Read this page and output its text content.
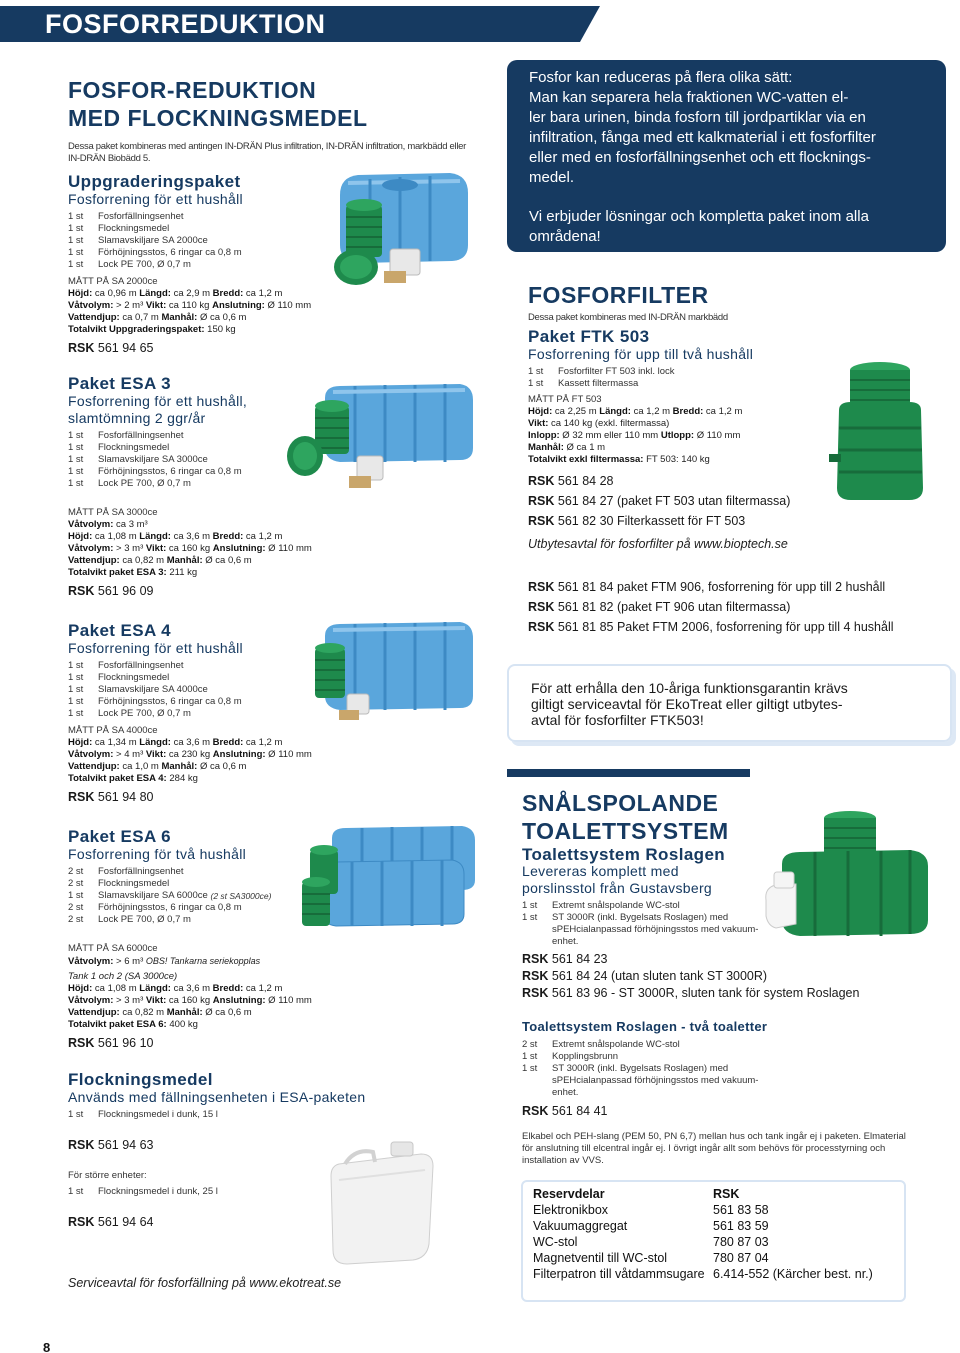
FOSFORREDUKTION
FOSFOR-REDUKTION
MED FLOCKNINGSMEDEL
Dessa paket kombineras med antingen IN-DRÄN Plus infiltration, IN-DRÄN infiltration, markbädd eller IN-DRÄN Biobädd 5.
Uppgraderingspaket
Fosforrening för ett hushåll
1 st	Fosforfällningsenhet
1 st	Flockningsmedel
1 st	Slamavskiljare SA 2000ce
1 st	Förhöjningsstos, 6 ringar ca 0,8 m
1 st	Lock PE 700, Ø 0,7 m
MÅTT PÅ SA 2000ce
Höjd: ca 0,96 m Längd: ca 2,9 m Bredd: ca 1,2 m
Våtvolym: > 2 m³ Vikt: ca 110 kg Anslutning: Ø 110 mm
Vattendjup: ca 0,7 m Manhål: Ø ca 0,6 m
Totalvikt Uppgraderingspaket: 150 kg
RSK 561 94 65
Paket ESA 3
Fosforrening för ett hushåll,
slamtömning 2 ggr/år
1 st	Fosforfällningsenhet
1 st	Flockningsmedel
1 st	Slamavskiljare SA 3000ce
1 st	Förhöjningsstos, 6 ringar ca 0,8 m
1 st	Lock PE 700, Ø 0,7 m
MÅTT PÅ SA 3000ce
Våtvolym: ca 3 m³
Höjd: ca 1,08 m Längd: ca 3,6 m Bredd: ca 1,2 m
Våtvolym: > 3 m³ Vikt: ca 160 kg Anslutning: Ø 110 mm
Vattendjup: ca 0,82 m Manhål: Ø ca 0,6 m
Totalvikt paket ESA 3: 211 kg
RSK 561 96 09
Paket ESA 4
Fosforrening för ett hushåll
1 st	Fosforfällningsenhet
1 st	Flockningsmedel
1 st	Slamavskiljare SA 4000ce
1 st	Förhöjningsstos, 6 ringar ca 0,8 m
1 st	Lock PE 700, Ø 0,7 m
MÅTT PÅ SA 4000ce
Höjd: ca 1,34 m Längd: ca 3,6 m Bredd: ca 1,2 m
Våtvolym: > 4 m³ Vikt: ca 230 kg Anslutning: Ø 110 mm
Vattendjup: ca 1,0 m Manhål: Ø ca 0,6 m
Totalvikt paket ESA 4: 284 kg
RSK 561 94 80
Paket ESA 6
Fosforrening för två hushåll
2 st	Fosforfällningsenhet
2 st	Flockningsmedel
1 st	Slamavskiljare SA 6000ce
(2 st SA3000ce)
2 st	Förhöjningsstos, 6 ringar ca 0,8 m
2 st	Lock PE 700, Ø 0,7 m
MÅTT PÅ SA 6000ce
Våtvolym: > 6 m³ OBS! Tankarna seriekopplas
Tank 1 och 2 (SA 3000ce)
Höjd: ca 1,08 m Längd: ca 3,6 m Bredd: ca 1,2 m
Våtvolym: > 3 m³ Vikt: ca 160 kg Anslutning: Ø 110 mm
Vattendjup: ca 0,82 m Manhål: Ø ca 0,6 m
Totalvikt paket ESA 6: 400 kg
RSK 561 96 10
Flockningsmedel
Används med fällningsenheten i ESA-paketen
1 st	Flockningsmedel i dunk, 15 l
RSK 561 94 63
För större enheter:
1 st	Flockningsmedel i dunk, 25 l
RSK 561 94 64
Serviceavtal för fosforfällning på www.ekotreat.se
Fosfor kan reduceras på flera olika sätt:
Man kan separera hela fraktionen WC-vatten el-
ler bara urinen, binda fosforn till jordpartiklar via en
infiltration, fånga med ett kalkmaterial i ett fosforfilter
eller med en fosforfällningsenhet och ett flocknings-
medel.
Vi erbjuder lösningar och kompletta paket inom alla
områdena!
FOSFORFILTER
Dessa paket kombineras med IN-DRÄN markbädd
Paket FTK 503
Fosforrening för upp till två hushåll
1 st	Fosforfilter FT 503 inkl. lock
1 st	Kassett filtermassa
MÅTT PÅ FT 503
Höjd: ca 2,25 m Längd: ca 1,2 m Bredd: ca 1,2 m
Vikt: ca 140 kg (exkl. filtermassa)
Inlopp: Ø 32 mm eller 110 mm Utlopp: Ø 110 mm
Manhål: Ø ca 1 m
Totalvikt exkl filtermassa: FT 503: 140 kg
RSK 561 84 28
RSK 561 84 27 (paket FT 503 utan filtermassa)
RSK 561 82 30 Filterkassett för FT 503
Utbytesavtal för fosforfilter på www.bioptech.se
RSK 561 81 84 paket FTM 906, fosforrening för upp till 2 hushåll
RSK 561 81 82 (paket FT 906 utan filtermassa)
RSK 561 81 85 Paket FTM 2006, fosforrening för upp till 4 hushåll
För att erhålla den 10-åriga funktionsgarantin krävs
giltigt serviceavtal för EkoTreat eller giltigt utbytes-
avtal för fosforfilter FTK503!
SNÅLSPOLANDE
TOALETTSYSTEM
Toalettsystem Roslagen
Levereras komplett med
porslinsstol från Gustavsberg
1 st	Extremt snålspolande WC-stol
1 st	ST 3000R (inkl. Bygelsats Roslagen) med sPEHcialanpassad förhöjningsstos med vakuum-enhet.
RSK 561 84 23
RSK 561 84 24 (utan sluten tank ST 3000R)
RSK 561 83 96 - ST 3000R, sluten tank för system Roslagen
Toalettsystem Roslagen - två toaletter
2 st	Extremt snålspolande WC-stol
1 st	Kopplingsbrunn
1 st	ST 3000R (inkl. Bygelsats Roslagen) med sPEHcialanpassad förhöjningsstos med vakuum-enhet.
RSK 561 84 41
Elkabel och PEH-slang (PEM 50, PN 6,7) mellan hus och tank ingår ej i paketen. Elmaterial för anslutning till elcentral ingår ej. I övrigt ingår allt som behövs för processtyrning och installation av VVS.
Reservdelar	RSK
Elektronikbox	561 83 58
Vakuumaggregat	561 83 59
WC-stol	780 87 03
Magnetventil till WC-stol	780 87 04
Filterpatron till våtdammsugare 6.414-552 (Kärcher best. nr.)
8
